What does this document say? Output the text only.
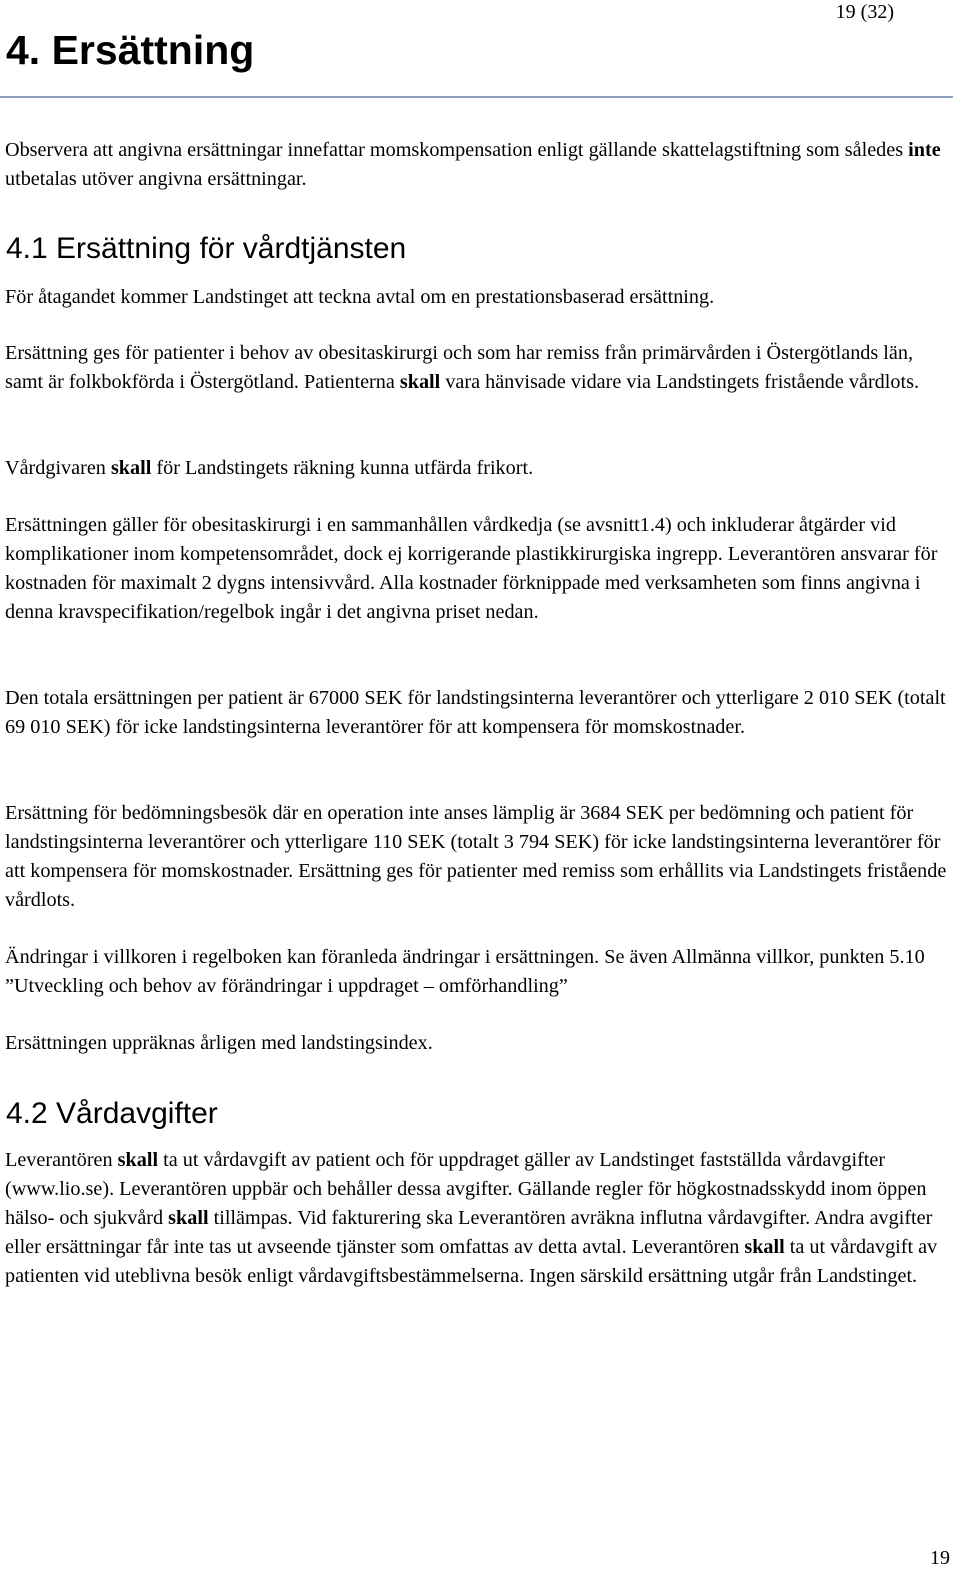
19 (32)
4. Ersättning

Observera att angivna ersättningar innefattar momskompensation enligt gällande skattelagstiftning som således inte utbetalas utöver angivna ersättningar.

4.1 Ersättning för vårdtjänsten

För åtagandet kommer Landstinget att teckna avtal om en prestationsbaserad ersättning.

Ersättning ges för patienter i behov av obesitaskirurgi och som har remiss från primärvården i Östergötlands län, samt är folkbokförda i Östergötland. Patienterna skall vara hänvisade vidare via Landstingets fristående vårdlots.

Vårdgivaren skall för Landstingets räkning kunna utfärda frikort.

Ersättningen gäller för obesitaskirurgi i en sammanhållen vårdkedja (se avsnitt1.4) och inkluderar åtgärder vid komplikationer inom kompetensområdet, dock ej korrigerande plastikkirurgiska ingrepp. Leverantören ansvarar för kostnaden för maximalt 2 dygns intensivvård. Alla kostnader förknippade med verksamheten som finns angivna i denna kravspecifikation/regelbok ingår i det angivna priset nedan.

Den totala ersättningen per patient är 67000 SEK för landstingsinterna leverantörer och ytterligare 2 010 SEK (totalt 69 010 SEK) för icke landstingsinterna leverantörer för att kompensera för momskostnader.

Ersättning för bedömningsbesök där en operation inte anses lämplig är 3684 SEK per bedömning och patient för landstingsinterna leverantörer och ytterligare 110 SEK (totalt 3 794 SEK) för icke landstingsinterna leverantörer för att kompensera för momskostnader. Ersättning ges för patienter med remiss som erhållits via Landstingets fristående vårdlots.

Ändringar i villkoren i regelboken kan föranleda ändringar i ersättningen. Se även Allmänna villkor, punkten 5.10 ”Utveckling och behov av förändringar i uppdraget – omförhandling”

Ersättningen uppräknas årligen med landstingsindex.

4.2 Vårdavgifter

Leverantören skall ta ut vårdavgift av patient och för uppdraget gäller av Landstinget fastställda vårdavgifter (www.lio.se). Leverantören uppbär och behåller dessa avgifter. Gällande regler för högkostnadsskydd inom öppen hälso- och sjukvård skall tillämpas. Vid fakturering ska Leverantören avräkna influtna vårdavgifter. Andra avgifter eller ersättningar får inte tas ut avseende tjänster som omfattas av detta avtal. Leverantören skall ta ut vårdavgift av patienten vid uteblivna besök enligt vårdavgiftsbestämmelserna. Ingen särskild ersättning utgår från Landstinget.

19
